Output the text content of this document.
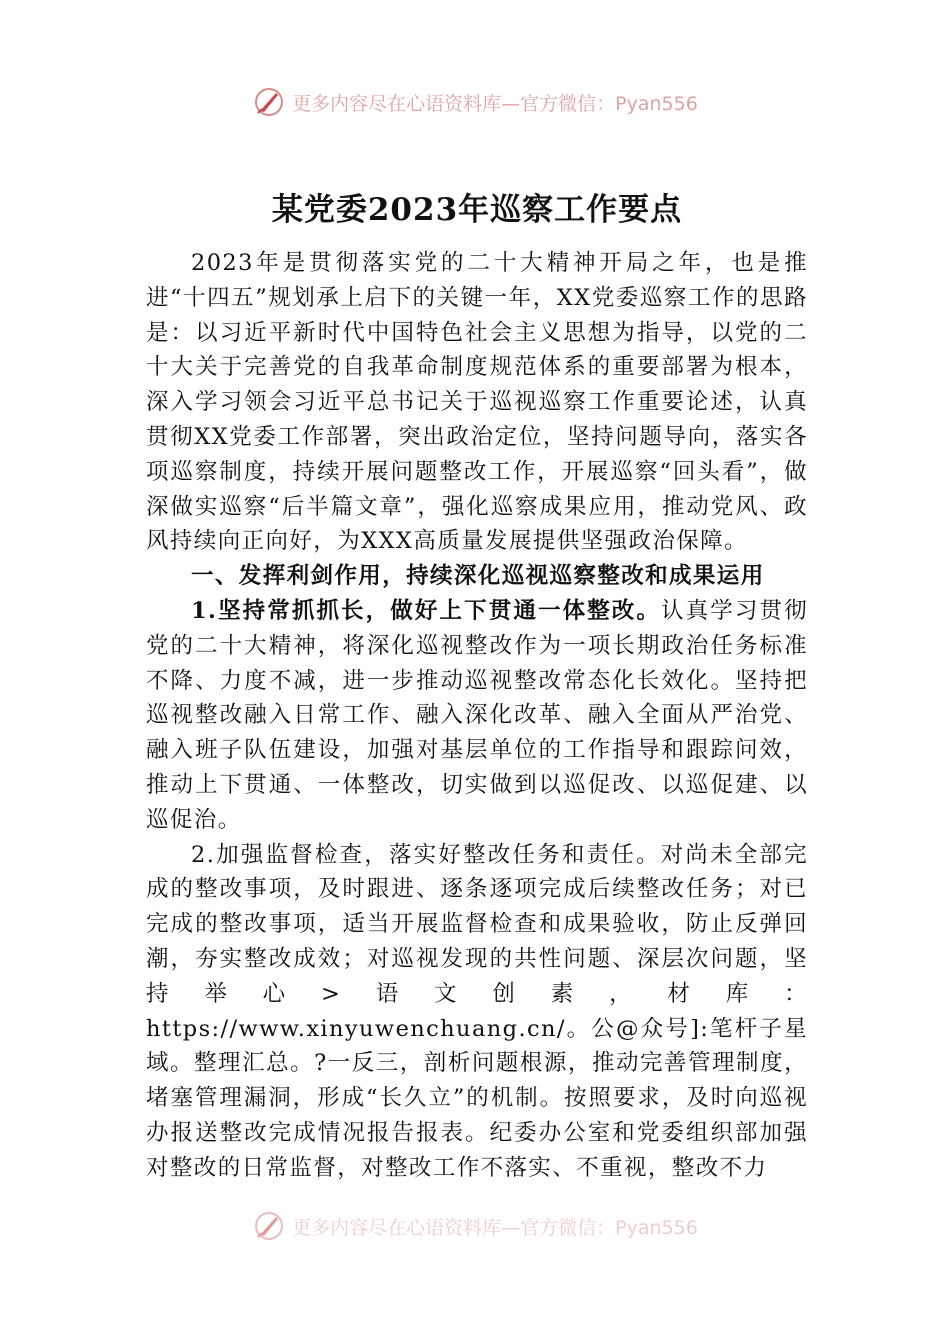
更多内容尽在心语资料库—官方微信：Pyan556
某党委2023年巡察工作要点

2023年是贯彻落实党的二十大精神开局之年，也是推进“十四五”规划承上启下的关键一年，XX党委巡察工作的思路是：以习近平新时代中国特色社会主义思想为指导，以党的二十大关于完善党的自我革命制度规范体系的重要部署为根本，深入学习领会习近平总书记关于巡视巡察工作重要论述，认真贯彻XX党委工作部署，突出政治定位，坚持问题导向，落实各项巡察制度，持续开展问题整改工作，开展巡察“回头看”，做深做实巡察“后半篇文章”，强化巡察成果应用，推动党风、政风持续向正向好，为XXX高质量发展提供坚强政治保障。

一、发挥利剑作用，持续深化巡视巡察整改和成果运用

1.坚持常抓抓长，做好上下贯通一体整改。认真学习贯彻党的二十大精神，将深化巡视整改作为一项长期政治任务标准不降、力度不减，进一步推动巡视整改常态化长效化。坚持把巡视整改融入日常工作、融入深化改革、融入全面从严治党、融入班子队伍建设，加强对基层单位的工作指导和跟踪问效，推动上下贯通、一体整改，切实做到以巡促改、以巡促建、以巡促治。

2.加强监督检查，落实好整改任务和责任。对尚未全部完成的整改事项，及时跟进、逐条逐项完成后续整改任务；对已完成的整改事项，适当开展监督检查和成果验收，防止反弹回潮，夯实整改成效；对巡视发现的共性问题、深层次问题，坚持举心>语文创素，材库：https://www.xinyuwenchuang.cn/。公@众号]:笔杆子星域。整理汇总。?一反三，剖析问题根源，推动完善管理制度，堵塞管理漏洞，形成“长久立”的机制。按照要求，及时向巡视办报送整改完成情况报告报表。纪委办公室和党委组织部加强对整改的日常监督，对整改工作不落实、不重视，整改不力

更多内容尽在心语资料库—官方微信：Pyan556
